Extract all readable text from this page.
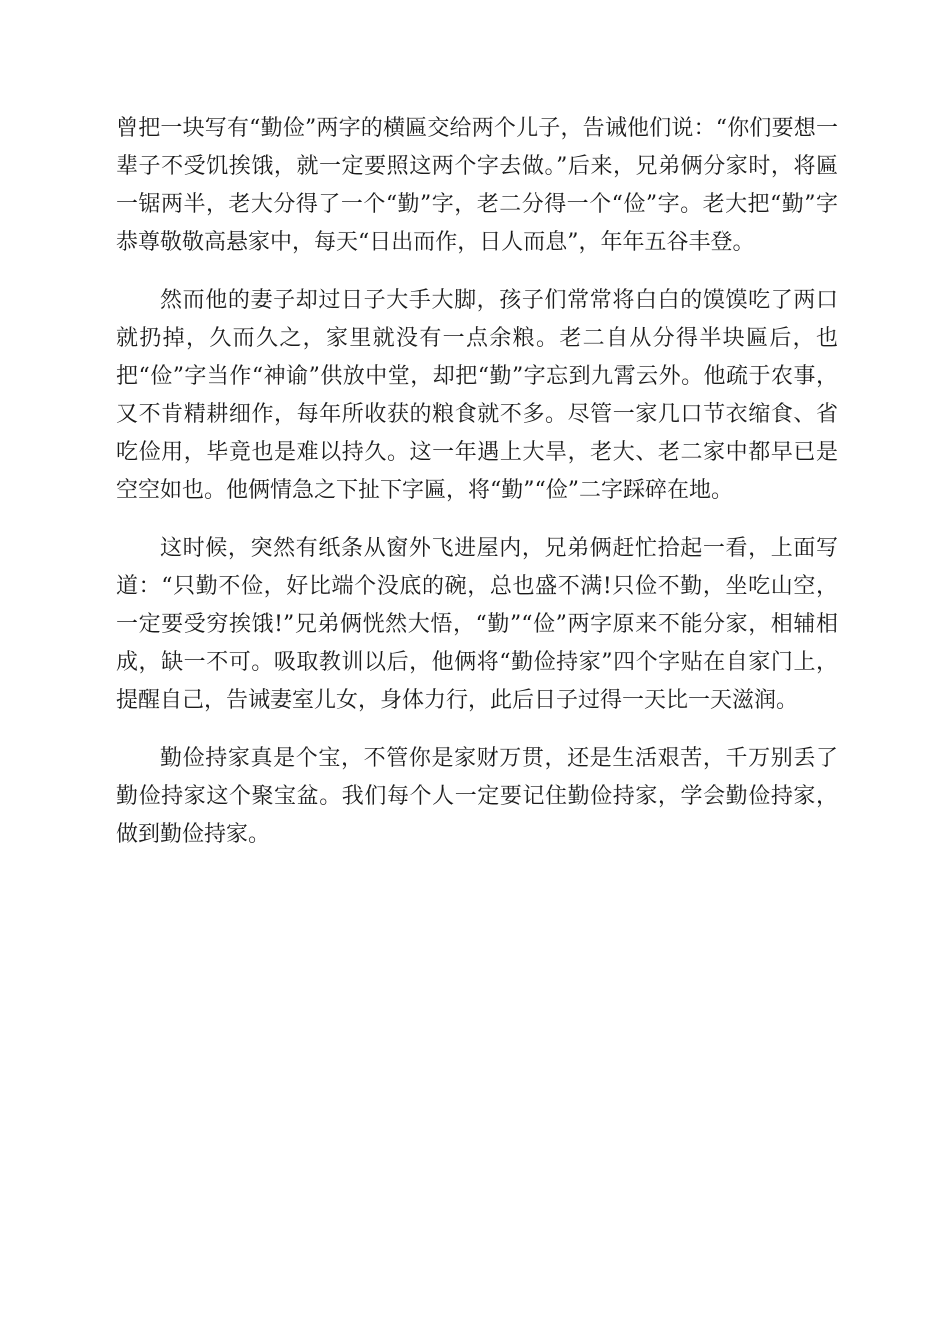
曾把一块写有“勤俭”两字的横匾交给两个儿子，告诫他们说：“你们要想一辈子不受饥挨饿，就一定要照这两个字去做。”后来，兄弟俩分家时，将匾一锯两半，老大分得了一个“勤”字，老二分得一个“俭”字。老大把“勤”字恭尊敬敬高悬家中，每天“日出而作，日人而息”，年年五谷丰登。

然而他的妻子却过日子大手大脚，孩子们常常将白白的馍馍吃了两口就扔掉，久而久之，家里就没有一点余粮。老二自从分得半块匾后，也把“俭”字当作“神谕”供放中堂，却把“勤”字忘到九霄云外。他疏于农事，又不肯精耕细作，每年所收获的粮食就不多。尽管一家几口节衣缩食、省吃俭用，毕竟也是难以持久。这一年遇上大旱，老大、老二家中都早已是空空如也。他俩情急之下扯下字匾，将“勤”“俭”二字踩碎在地。

这时候，突然有纸条从窗外飞进屋内，兄弟俩赶忙拾起一看，上面写道：“只勤不俭，好比端个没底的碗，总也盛不满!只俭不勤，坐吃山空，一定要受穷挨饿!”兄弟俩恍然大悟，“勤”“俭”两字原来不能分家，相辅相成，缺一不可。吸取教训以后，他俩将“勤俭持家”四个字贴在自家门上，提醒自己，告诫妻室儿女，身体力行，此后日子过得一天比一天滋润。

勤俭持家真是个宝，不管你是家财万贯，还是生活艰苦，千万别丢了勤俭持家这个聚宝盆。我们每个人一定要记住勤俭持家，学会勤俭持家，做到勤俭持家。
